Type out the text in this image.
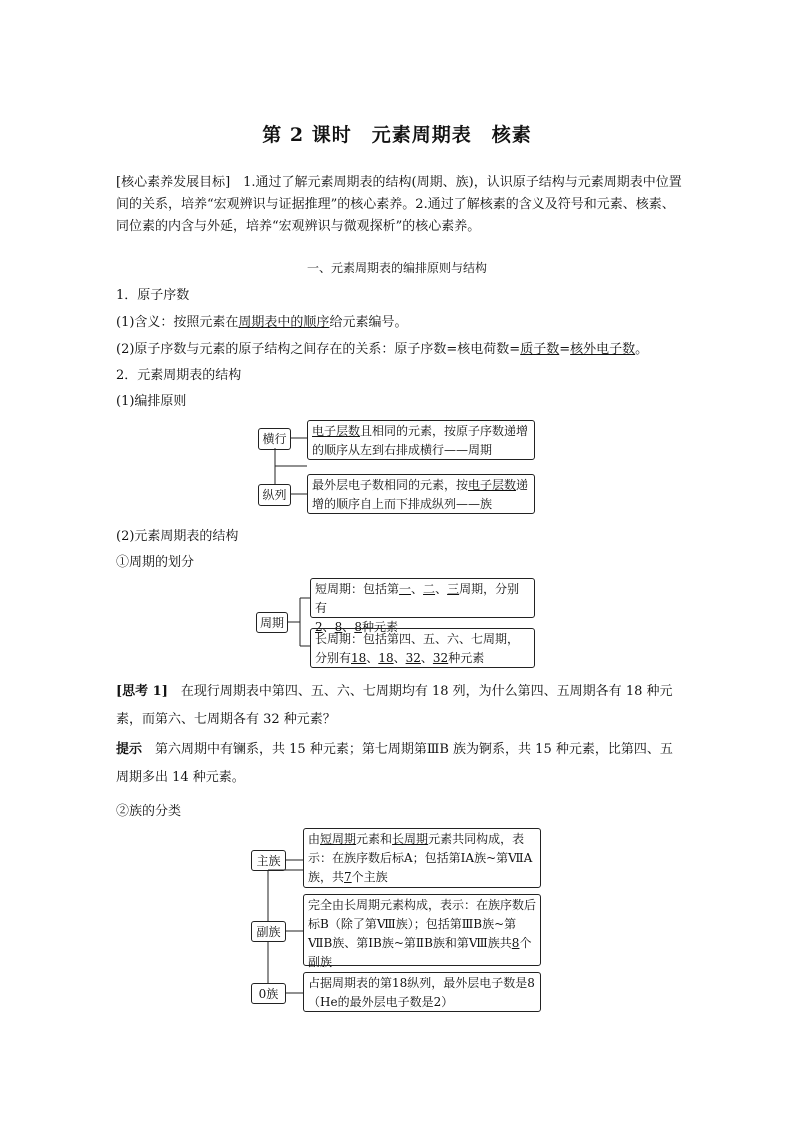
第 2 课时　元素周期表　核素
[核心素养发展目标]　1.通过了解元素周期表的结构(周期、族)，认识原子结构与元素周期表中位置间的关系，培养“宏观辨识与证据推理”的核心素养。2.通过了解核素的含义及符号和元素、核素、同位素的内含与外延，培养“宏观辨识与微观探析”的核心素养。
一、元素周期表的编排原则与结构
1．原子序数
(1)含义：按照元素在周期表中的顺序给元素编号。
(2)原子序数与元素的原子结构之间存在的关系：原子序数=核电荷数=质子数=核外电子数。
2．元素周期表的结构
(1)编排原则
横行
纵列
电子层数且相同的元素，按原子序数递增的顺序从左到右排成横行——周期
最外层电子数相同的元素，按电子层数递增的顺序自上而下排成纵列——族
(2)元素周期表的结构
①周期的划分
周期
短周期：包括第一、二、三周期，分别有
2、8、8种元素
长周期：包括第四、五、六、七周期，分别有18、18、32、32种元素
[思考 1]　在现行周期表中第四、五、六、七周期均有 18 列，为什么第四、五周期各有 18 种元素，而第六、七周期各有 32 种元素？
提示　第六周期中有镧系，共 15 种元素；第七周期第ⅢB 族为锕系，共 15 种元素，比第四、五周期多出 14 种元素。
②族的分类
主族
副族
0族
由短周期元素和长周期元素共同构成，表示：在族序数后标A；包括第ⅠA族~第ⅦA族，共7个主族
完全由长周期元素构成，表示：在族序数后标B（除了第Ⅷ族）；包括第ⅢB族~第ⅦB族、第ⅠB族~第ⅡB族和第Ⅷ族共8个副族
占据周期表的第18纵列，最外层电子数是8（He的最外层电子数是2）
